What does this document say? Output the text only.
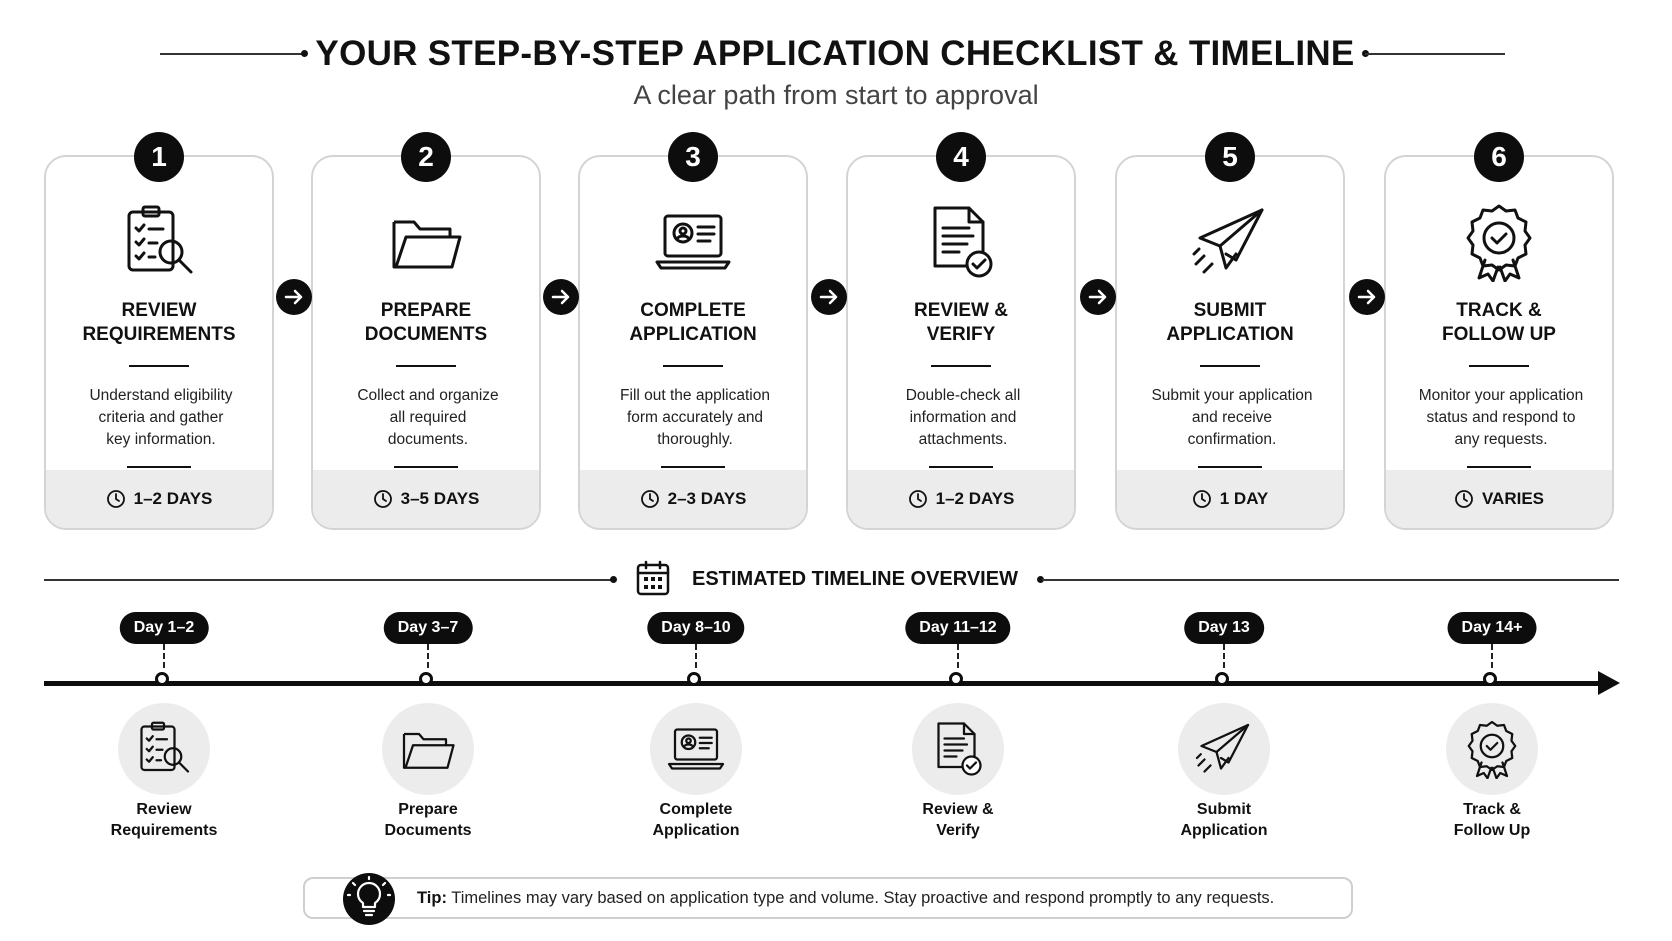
YOUR STEP-BY-STEP APPLICATION CHECKLIST & TIMELINE
A clear path from start to approval
1
REVIEW
REQUIREMENTS
Understand eligibility
criteria and gather
key information.
1–2 DAYS
2
PREPARE
DOCUMENTS
Collect and organize
all required
documents.
3–5 DAYS
3
COMPLETE
APPLICATION
Fill out the application
form accurately and
thoroughly.
2–3 DAYS
4
REVIEW &
VERIFY
Double-check all
information and
attachments.
1–2 DAYS
5
SUBMIT
APPLICATION
Submit your application
and receive
confirmation.
1 DAY
6
TRACK &
FOLLOW UP
Monitor your application
status and respond to
any requests.
VARIES
ESTIMATED TIMELINE OVERVIEW
Day 1–2
Review
Requirements
Day 3–7
Prepare
Documents
Day 8–10
Complete
Application
Day 11–12
Review &
Verify
Day 13
Submit
Application
Day 14+
Track &
Follow Up
Tip: Timelines may vary based on application type and volume. Stay proactive and respond promptly to any requests.
